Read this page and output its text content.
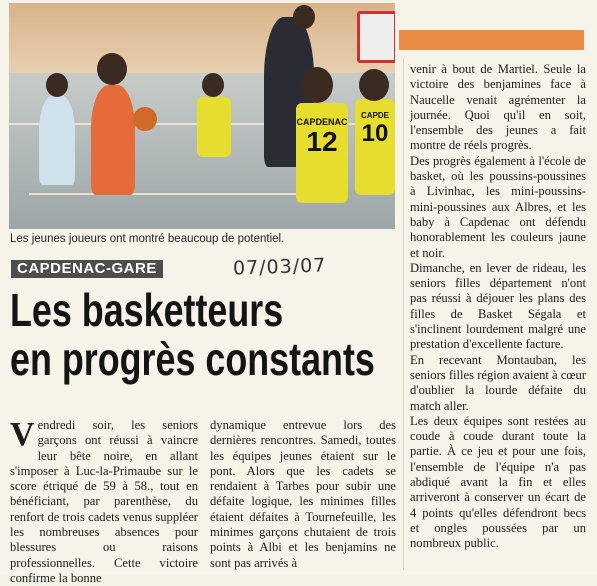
CAPDENAC
12
CAPDE
10
Les jeunes joueurs ont montré beaucoup de potentiel.
CAPDENAC-GARE	07/03/07
Les basketteurs
en progrès constants
Vendredi soir, les seniors garçons ont réussi à vaincre leur bête noire, en allant s'imposer à Luc-la-Primaube sur le score étriqué de 59 à 58., tout en bénéficiant, par parenthèse, du renfort de trois cadets venus suppléer les nombreuses absences pour blessures ou raisons professionnelles. Cette victoire confirme la bonne

dynamique entrevue lors des dernières rencontres. Samedi, toutes les équipes jeunes étaient sur le pont. Alors que les cadets se rendaient à Tarbes pour subir une défaite logique, les minimes filles étaient défaites à Tournefeuille, les minimes garçons chutaient de trois points à Albi et les benjamins ne sont pas arrivés à

venir à bout de Martiel. Seule la victoire des benjamines face à Naucelle venait agrémenter la journée. Quoi qu'il en soit, l'ensemble des jeunes a fait montre de réels progrès.

Des progrès également à l'école de basket, où les poussins-poussines à Livinhac, les mini-poussins-mini-poussines aux Albres, et les baby à Capdenac ont défendu honorablement les couleurs jaune et noir.

Dimanche, en lever de rideau, les seniors filles département n'ont pas réussi à déjouer les plans des filles de Basket Ségala et s'inclinent lourdement malgré une prestation d'excellente facture.

En recevant Montauban, les seniors filles région avaient à cœur d'oublier la lourde défaite du match aller.

Les deux équipes sont restées au coude à coude durant toute la partie. À ce jeu et pour une fois, l'ensemble de l'équipe n'a pas abdiqué avant la fin et elles arriveront à conserver un écart de 4 points qu'elles défendront becs et ongles poussées par un nombreux public.
